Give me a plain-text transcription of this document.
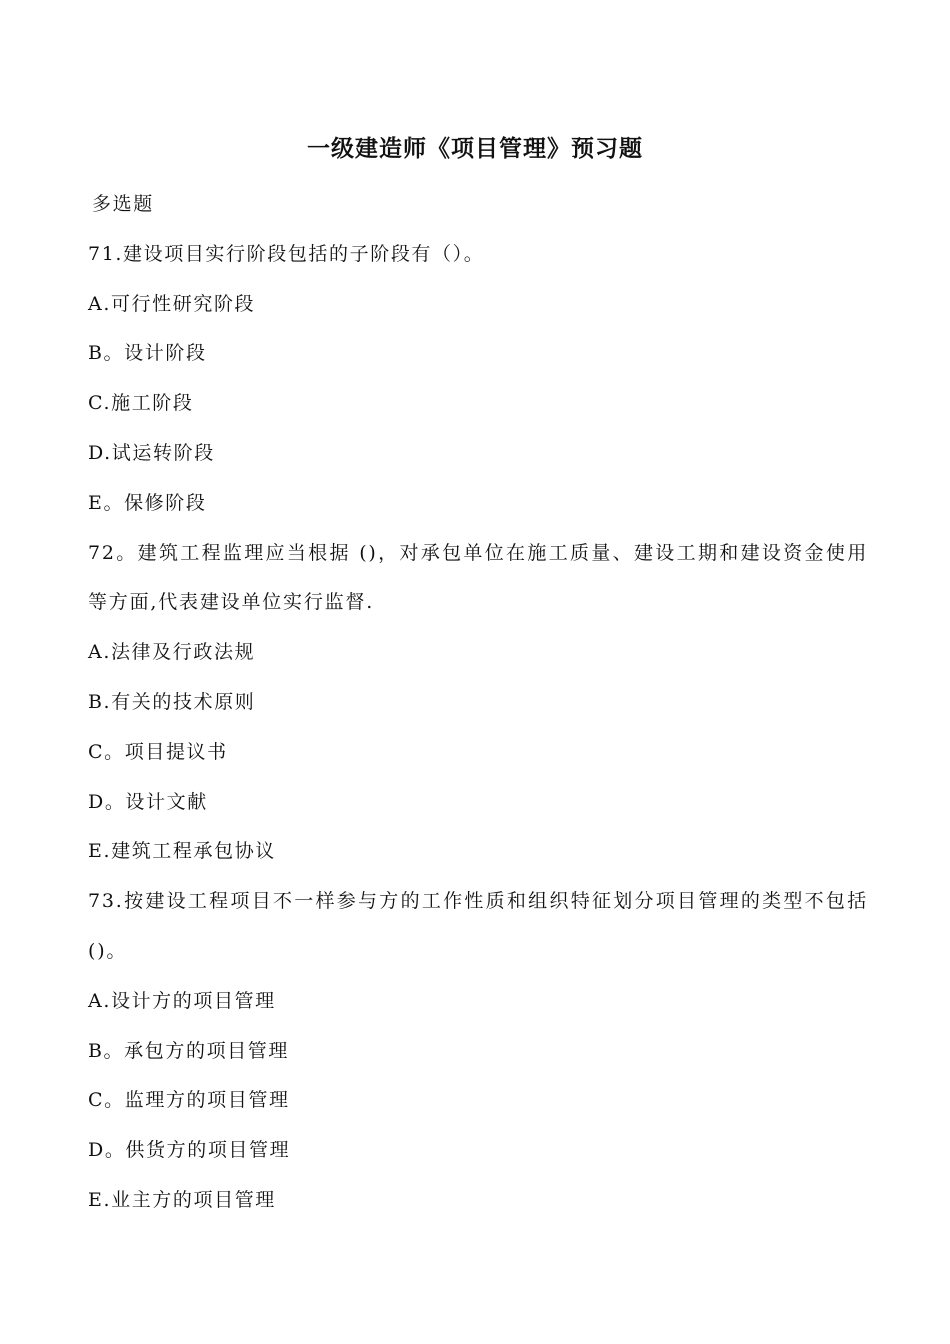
一级建造师《项目管理》预习题
多选题
71.建设项目实行阶段包括的子阶段有（）。
A.可行性研究阶段
B。设计阶段
C.施工阶段
D.试运转阶段
E。保修阶段
72。建筑工程监理应当根据 ()，对承包单位在施工质量、建设工期和建设资金使用等方面,代表建设单位实行监督.
A.法律及行政法规
B.有关的技术原则
C。项目提议书
D。设计文献
E.建筑工程承包协议
73.按建设工程项目不一样参与方的工作性质和组织特征划分项目管理的类型不包括()。
A.设计方的项目管理
B。承包方的项目管理
C。监理方的项目管理
D。供货方的项目管理
E.业主方的项目管理
